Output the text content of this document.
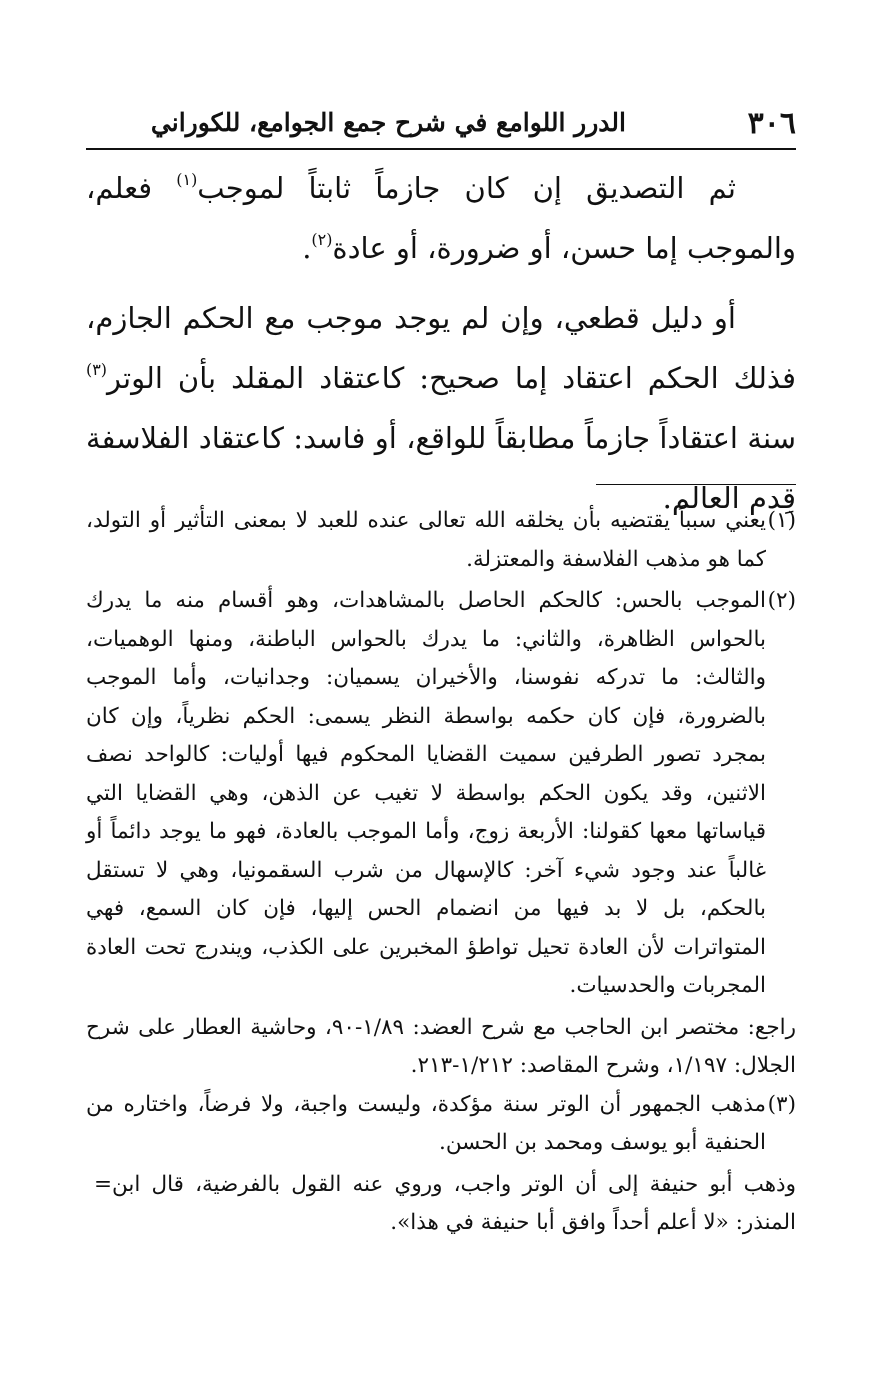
٣٠٦
الدرر اللوامع في شرح جمع الجوامع، للكوراني

ثم التصديق إن كان جازماً ثابتاً لموجب$^{(١)}$ فعلم، والموجب إما حسن، أو ضرورة، أو عادة$^{(٢)}$.

أو دليل قطعي، وإن لم يوجد موجب مع الحكم الجازم، فذلك الحكم اعتقاد إما صحيح: كاعتقاد المقلد بأن الوتر$^{(٣)}$ سنة اعتقاداً جازماً مطابقاً للواقع، أو فاسد: كاعتقاد الفلاسفة قِدم العالم.

(١)يعني سبباً يقتضيه بأن يخلقه الله تعالى عنده للعبد لا بمعنى التأثير أو التولد، كما هو مذهب الفلاسفة والمعتزلة.

(٢)الموجب بالحس: كالحكم الحاصل بالمشاهدات، وهو أقسام منه ما يدرك بالحواس الظاهرة، والثاني: ما يدرك بالحواس الباطنة، ومنها الوهميات، والثالث: ما تدركه نفوسنا، والأخيران يسميان: وجدانيات، وأما الموجب بالضرورة، فإن كان حكمه بواسطة النظر يسمى: الحكم نظرياً، وإن كان بمجرد تصور الطرفين سميت القضايا المحكوم فيها أوليات: كالواحد نصف الاثنين، وقد يكون الحكم بواسطة لا تغيب عن الذهن، وهي القضايا التي قياساتها معها كقولنا: الأربعة زوج، وأما الموجب بالعادة، فهو ما يوجد دائماً أو غالباً عند وجود شيء آخر: كالإسهال من شرب السقمونيا، وهي لا تستقل بالحكم، بل لا بد فيها من انضمام الحس إليها، فإن كان السمع، فهي المتواترات لأن العادة تحيل تواطؤ المخبرين على الكذب، ويندرج تحت العادة المجربات والحدسيات.

راجع: مختصر ابن الحاجب مع شرح العضد: ١/٨٩-٩٠، وحاشية العطار على شرح الجلال: ١/١٩٧، وشرح المقاصد: ١/٢١٢-٢١٣.

(٣)مذهب الجمهور أن الوتر سنة مؤكدة، وليست واجبة، ولا فرضاً، واختاره من الحنفية أبو يوسف ومحمد بن الحسن.

= وذهب أبو حنيفة إلى أن الوتر واجب، وروي عنه القول بالفرضية، قال ابن المنذر: «لا أعلم أحداً وافق أبا حنيفة في هذا».
